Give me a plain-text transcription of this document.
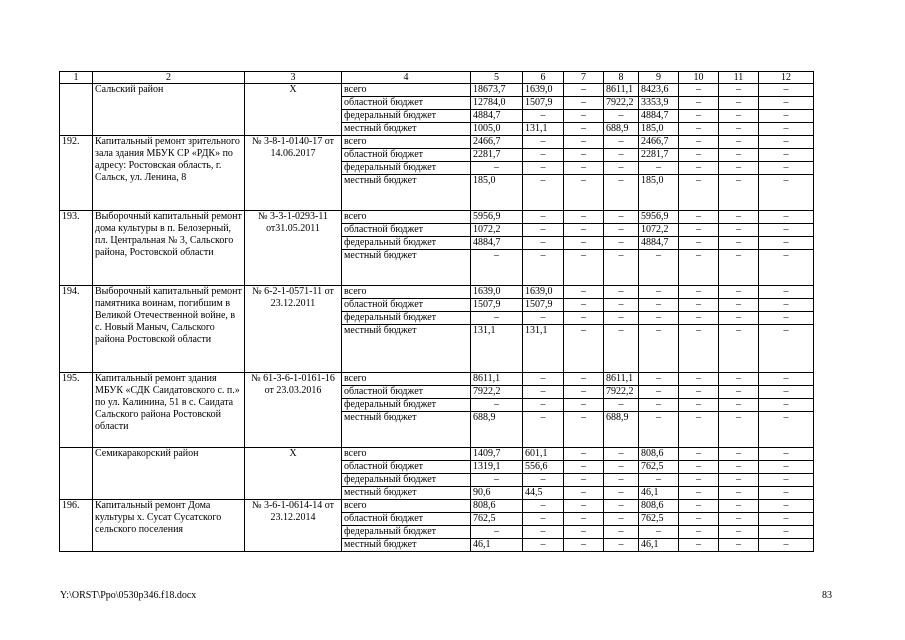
1	2	3	4	5	6	7	8	9	10	11	12
	Сальский район	Х	всего	18673,7	1639,0	–	8611,1	8423,6	–	–	–
			областной бюджет	12784,0	1507,9	–	7922,2	3353,9	–	–	–
			федеральный бюджет	4884,7	–	–	–	4884,7	–	–	–
			местный бюджет	1005,0	131,1	–	688,9	185,0	–	–	–
192.	Капитальный ремонт зрительного зала здания МБУК СР «РДК» по адресу: Ростовская область, г. Сальск, ул. Ленина, 8	№ 3-8-1-0140-17 от 14.06.2017	всего	2466,7	–	–	–	2466,7	–	–	–
			областной бюджет	2281,7	–	–	–	2281,7	–	–	–
			федеральный бюджет	–	–	–	–	–	–	–	–
			местный бюджет	185,0	–	–	–	185,0	–	–	–
193.	Выборочный капитальный ремонт дома культуры в п. Белозерный, пл. Центральная № 3, Сальского района, Ростовской области	№ 3-3-1-0293-11 от31.05.2011	всего	5956,9	–	–	–	5956,9	–	–	–
			областной бюджет	1072,2	–	–	–	1072,2	–	–	–
			федеральный бюджет	4884,7	–	–	–	4884,7	–	–	–
			местный бюджет	–	–	–	–	–	–	–	–
194.	Выборочный капитальный ремонт памятника воинам, погибшим в Великой Отечественной войне, в с. Новый Маныч, Сальского района Ростовской области	№ 6-2-1-0571-11 от 23.12.2011	всего	1639,0	1639,0	–	–	–	–	–	–
			областной бюджет	1507,9	1507,9	–	–	–	–	–	–
			федеральный бюджет	–	–	–	–	–	–	–	–
			местный бюджет	131,1	131,1	–	–	–	–	–	–
195.	Капитальный ремонт здания МБУК «СДК Саидатовского с. п.» по ул. Калинина, 51 в с. Саидата Сальского района Ростовской области	№ 61-3-6-1-0161-16 от 23.03.2016	всего	8611,1	–	–	8611,1	–	–	–	–
			областной бюджет	7922,2	–	–	7922,2	–	–	–	–
			федеральный бюджет	–	–	–	–	–	–	–	–
			местный бюджет	688,9	–	–	688,9	–	–	–	–
	Семикаракорский район	Х	всего	1409,7	601,1	–	–	808,6	–	–	–
			областной бюджет	1319,1	556,6	–	–	762,5	–	–	–
			федеральный бюджет	–	–	–	–	–	–	–	–
			местный бюджет	90,6	44,5	–	–	46,1	–	–	–
196.	Капитальный ремонт Дома культуры х. Сусат Сусатского сельского поселения	№ 3-6-1-0614-14 от 23.12.2014	всего	808,6	–	–	–	808,6	–	–	–
			областной бюджет	762,5	–	–	–	762,5	–	–	–
			федеральный бюджет	–	–	–	–	–	–	–	–
			местный бюджет	46,1	–	–	–	46,1	–	–	–
Y:\ORST\Ppo\0530p346.f18.docx	83
